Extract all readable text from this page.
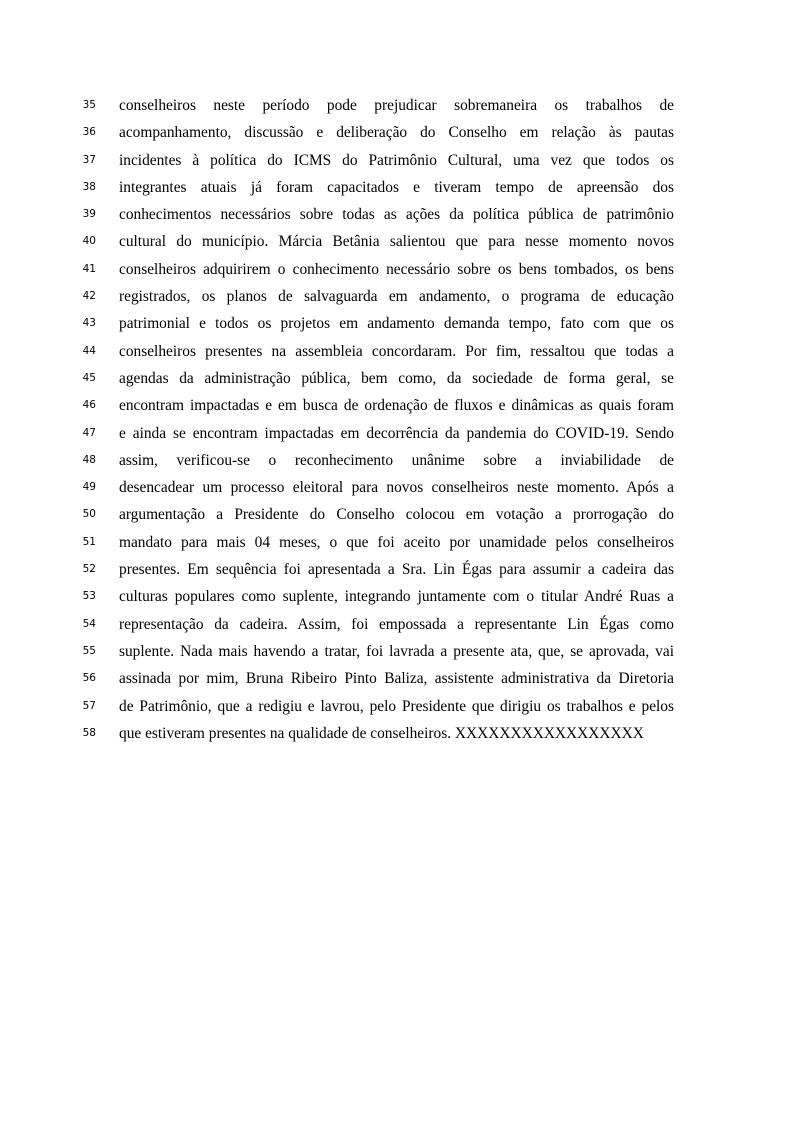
35 conselheiros neste período pode prejudicar sobremaneira os trabalhos de
36 acompanhamento, discussão e deliberação do Conselho em relação às pautas
37 incidentes à política do ICMS do Patrimônio Cultural, uma vez que todos os
38 integrantes atuais já foram capacitados e tiveram tempo de apreensão dos
39 conhecimentos necessários sobre todas as ações da política pública de patrimônio
40 cultural do município. Márcia Betânia salientou que para nesse momento novos
41 conselheiros adquirirem o conhecimento necessário sobre os bens tombados, os bens
42 registrados, os planos de salvaguarda em andamento, o programa de educação
43 patrimonial e todos os projetos em andamento demanda tempo, fato com que os
44 conselheiros presentes na assembleia concordaram. Por fim, ressaltou que todas a
45 agendas da administração pública, bem como, da sociedade de forma geral, se
46 encontram impactadas e em busca de ordenação de fluxos e dinâmicas as quais foram
47 e ainda se encontram impactadas em decorrência da pandemia do COVID-19. Sendo
48 assim, verificou-se o reconhecimento unânime sobre a inviabilidade de
49 desencadear um processo eleitoral para novos conselheiros neste momento. Após a
50 argumentação a Presidente do Conselho colocou em votação a prorrogação do
51 mandato para mais 04 meses, o que foi aceito por unamidade pelos conselheiros
52 presentes. Em sequência foi apresentada a Sra. Lin Égas para assumir a cadeira das
53 culturas populares como suplente, integrando juntamente com o titular André Ruas a
54 representação da cadeira. Assim, foi empossada a representante Lin Égas como
55 suplente. Nada mais havendo a tratar, foi lavrada a presente ata, que, se aprovada, vai
56 assinada por mim, Bruna Ribeiro Pinto Baliza, assistente administrativa da Diretoria
57 de Patrimônio, que a redigiu e lavrou, pelo Presidente que dirigiu os trabalhos e pelos
58 que estiveram presentes na qualidade de conselheiros. XXXXXXXXXXXXXXXXX
